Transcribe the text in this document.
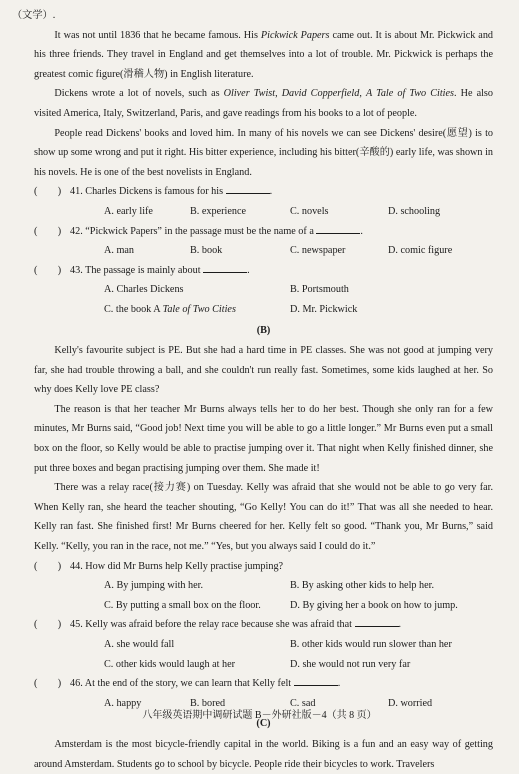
（文学）.

It was not until 1836 that he became famous. His Pickwick Papers came out. It is about Mr. Pickwick and his three friends. They travel in England and get themselves into a lot of trouble. Mr. Pickwick is perhaps the greatest comic figure(滑稽人物) in English literature.

Dickens wrote a lot of novels, such as Oliver Twist, David Copperfield, A Tale of Two Cities. He also visited America, Italy, Switzerland, Paris, and gave readings from his books to a lot of people.

People read Dickens' books and loved him. In many of his novels we can see Dickens' desire(愿望) is to show up some wrong and put it right. His bitter experience, including his bitter(辛酸的) early life, was shown in his novels. He is one of the best novelists in England.

(　　) 41. Charles Dickens is famous for his	.
A. early life	B. experience	C. novels	D. schooling
(　　) 42. “Pickwick Papers” in the passage must be the name of a	.
A. man	B. book	C. newspaper	D. comic figure
(　　) 43. The passage is mainly about	.
A. Charles Dickens	B. Portsmouth
C. the book A Tale of Two Cities	D. Mr. Pickwick

(B)

Kelly's favourite subject is PE. But she had a hard time in PE classes. She was not good at jumping very far, she had trouble throwing a ball, and she couldn't run really fast. Sometimes, some kids laughed at her. So why does Kelly love PE class?

The reason is that her teacher Mr Burns always tells her to do her best. Though she only ran for a few minutes, Mr Burns said, “Good job! Next time you will be able to go a little longer.” Mr Burns even put a small box on the floor, so Kelly would be able to practise jumping over it. That night when Kelly finished dinner, she put three boxes and began practising jumping over them. She made it!

There was a relay race(接力赛) on Tuesday. Kelly was afraid that she would not be able to go very far. When Kelly ran, she heard the teacher shouting, “Go Kelly! You can do it!” That was all she needed to hear. Kelly ran fast. She finished first! Mr Burns cheered for her. Kelly felt so good. “Thank you, Mr Burns,” said Kelly. “Kelly, you ran in the race, not me.” “Yes, but you always said I could do it.”

(　　) 44. How did Mr Burns help Kelly practise jumping?
A. By jumping with her.	B. By asking other kids to help her.
C. By putting a small box on the floor.	D. By giving her a book on how to jump.
(　　) 45. Kelly was afraid before the relay race because she was afraid that	.
A. she would fall	B. other kids would run slower than her
C. other kids would laugh at her	D. she would not run very far
(　　) 46. At the end of the story, we can learn that Kelly felt	.
A. happy	B. bored	C. sad	D. worried

(C)

Amsterdam is the most bicycle-friendly capital in the world. Biking is a fun and an easy way of getting around Amsterdam. Students go to school by bicycle. People ride their bicycles to work. Travelers

八年级英语期中调研试题 B－外研社版－4（共 8 页）
